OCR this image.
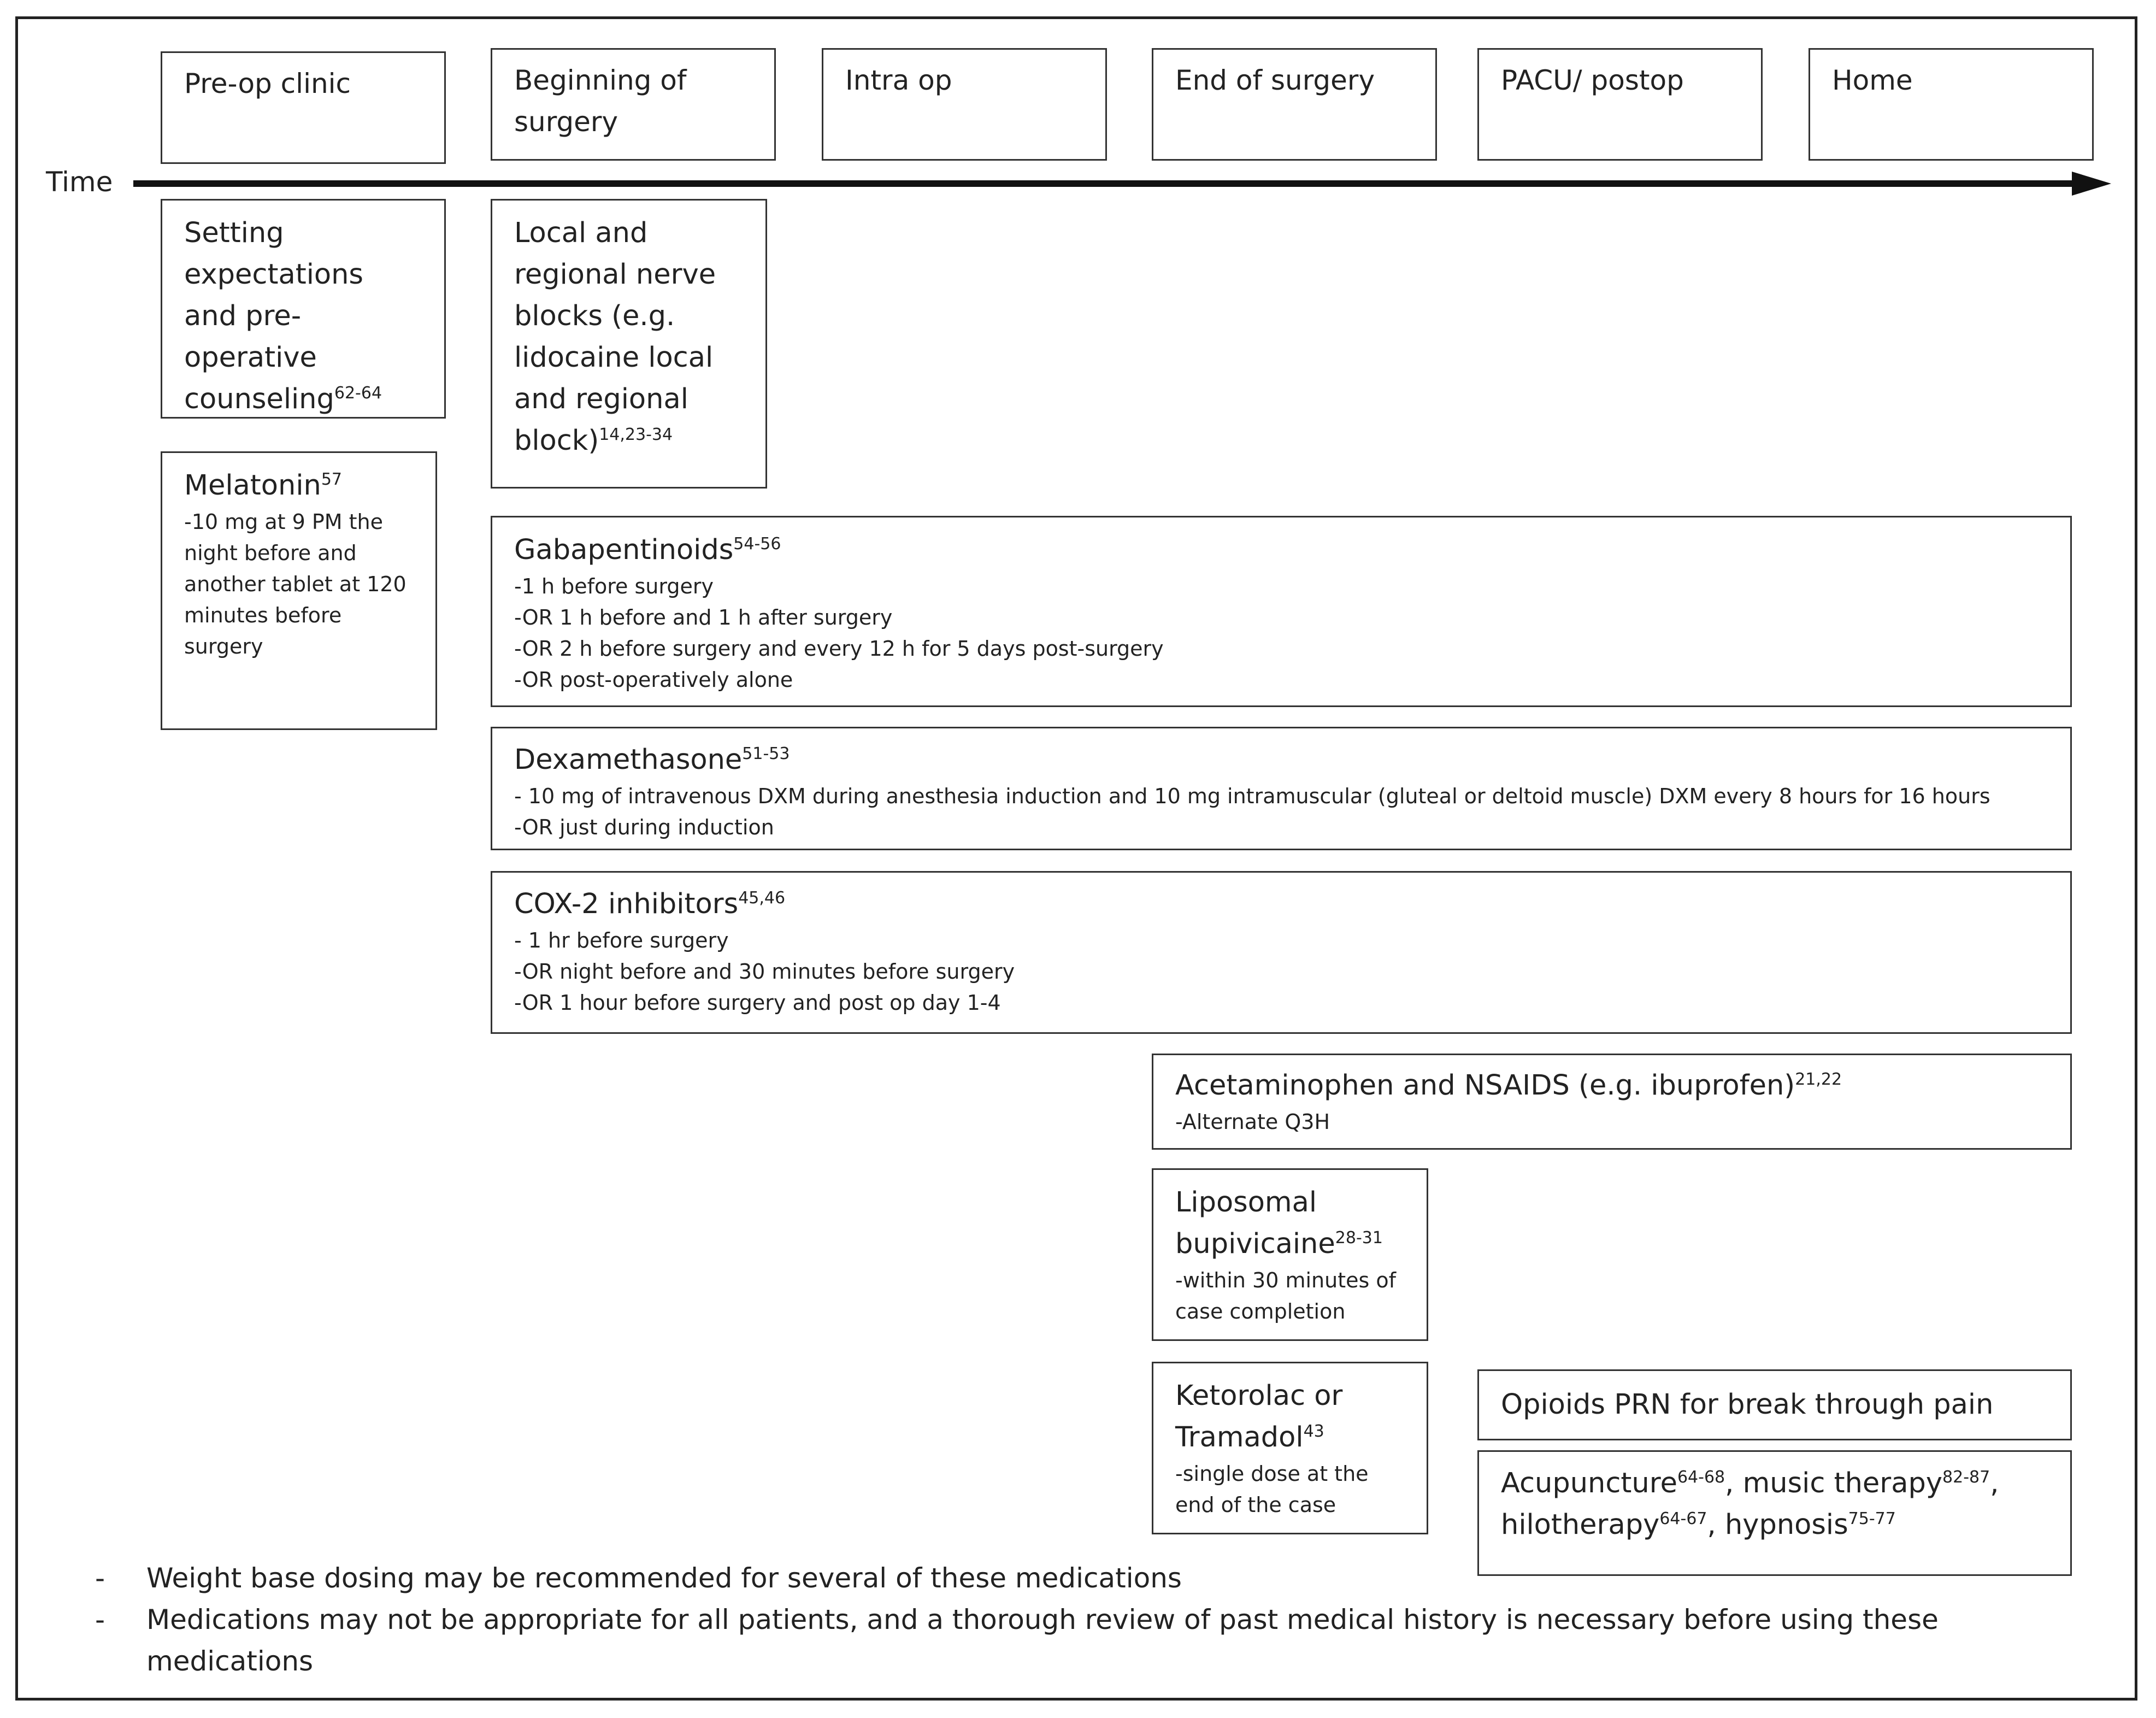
Pre-op clinic	Beginning of surgery
Intra op	End of surgery	PACU/ postop	Home
Time
Setting expectations and pre-operative counseling$^{62-64}$
Melatonin$^{57}$
-10 mg at 9 PM the night before and another tablet at 120 minutes before surgery
Local and regional nerve blocks (e.g. lidocaine local and regional block)$^{14,23-34}$
Gabapentinoids$^{54-56}$
-1 h before surgery
-OR 1 h before and 1 h after surgery
-OR 2 h before surgery and every 12 h for 5 days post-surgery
-OR post-operatively alone
Dexamethasone$^{51-53}$
- 10 mg of intravenous DXM during anesthesia induction and 10 mg intramuscular (gluteal or deltoid muscle) DXM every 8 hours for 16 hours
-OR just during induction
COX-2 inhibitors$^{45,46}$
- 1 hr before surgery
-OR night before and 30 minutes before surgery
-OR 1 hour before surgery and post op day 1-4
Acetaminophen and NSAIDS (e.g. ibuprofen)$^{21,22}$
-Alternate Q3H
Liposomal bupivicaine$^{28-31}$
-within 30 minutes of case completion
Ketorolac or Tramadol$^{43}$
-single dose at the end of the case
Opioids PRN for break through pain
Acupuncture$^{64-68}$, music therapy$^{82-87}$,
hilotherapy$^{64-67}$, hypnosis$^{75-77}$
- Weight base dosing may be recommended for several of these medications
- Medications may not be appropriate for all patients, and a thorough review of past medical history is necessary before using these medications
